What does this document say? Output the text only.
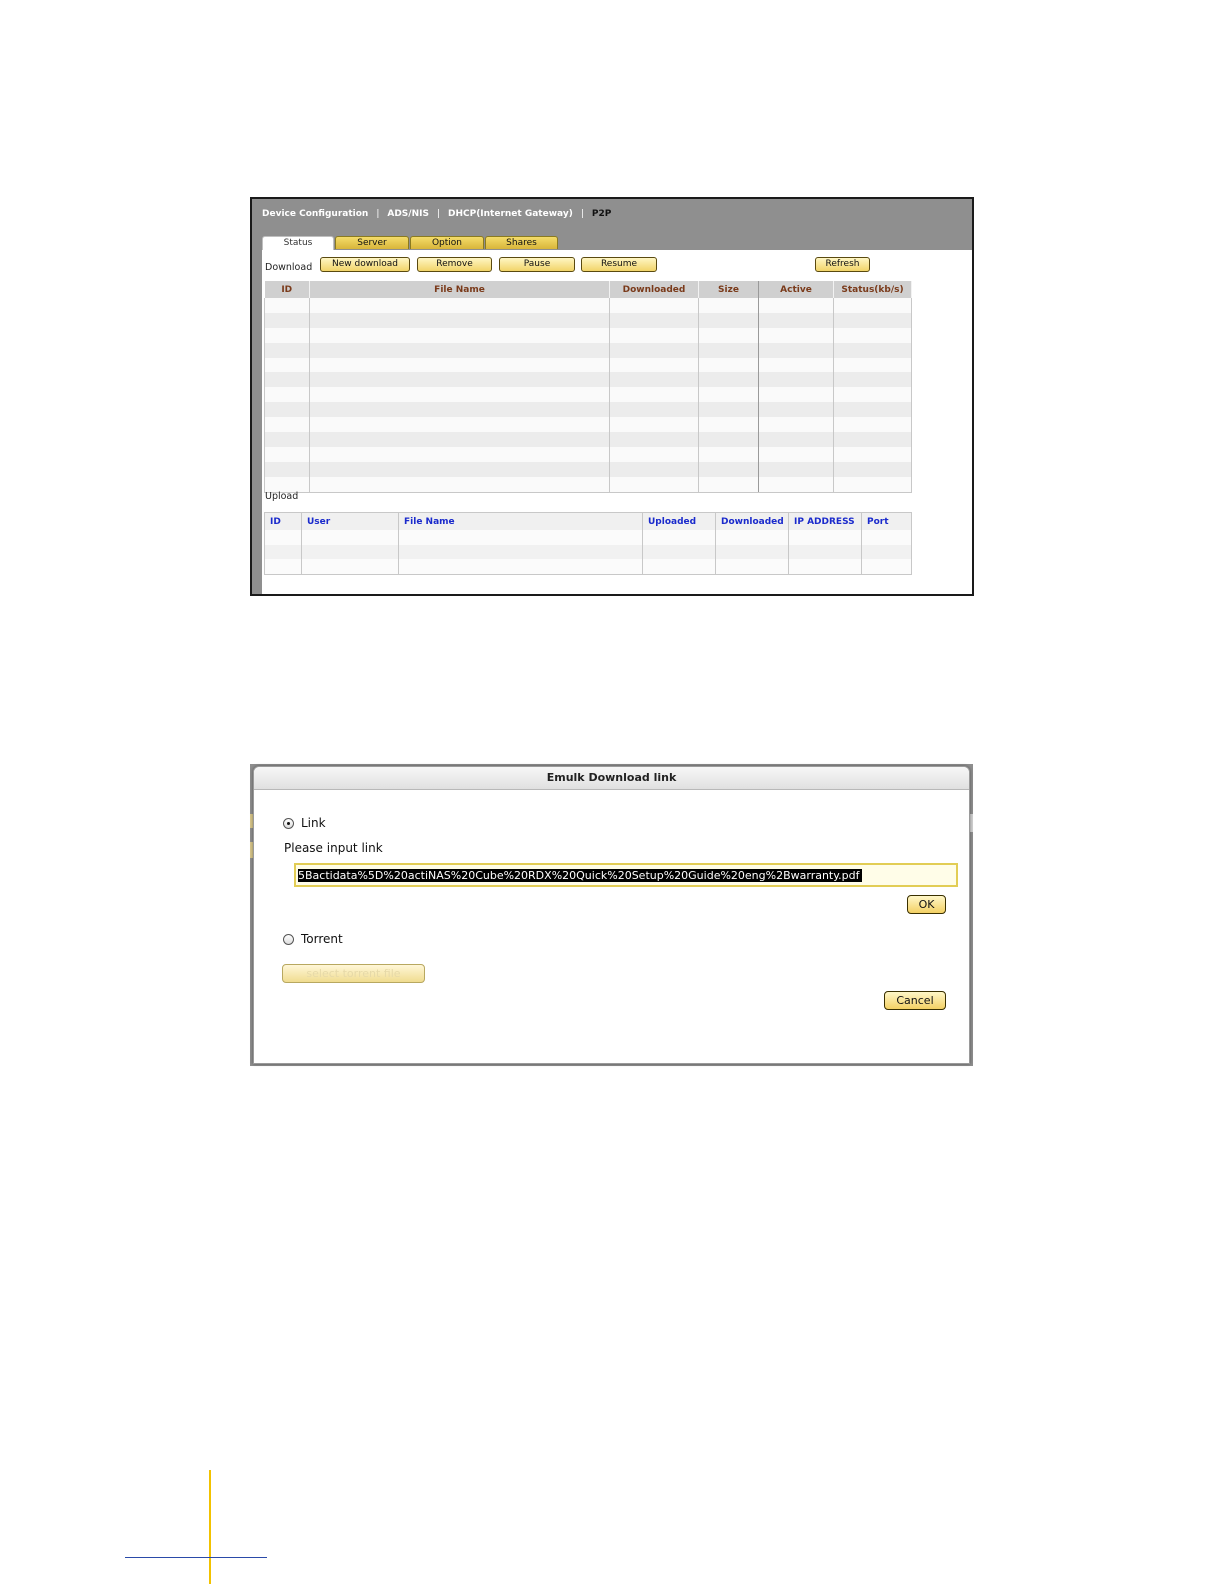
Device Configuration | ADS/NIS | DHCP(Internet Gateway) | P2P
Status	Server	Option	Shares
Download	New download	Remove	Pause	Resume	Refresh
ID	File Name	Downloaded	Size	Active	Status(kb/s)

Upload
ID	User	File Name	Uploaded	Downloaded	IP ADDRESS	Port

Emulk Download link
Link
Please input link
5Bactidata%5D%20actiNAS%20Cube%20RDX%20Quick%20Setup%20Guide%20eng%2Bwarranty.pdf
OK
Torrent
select torrent file
Cancel
